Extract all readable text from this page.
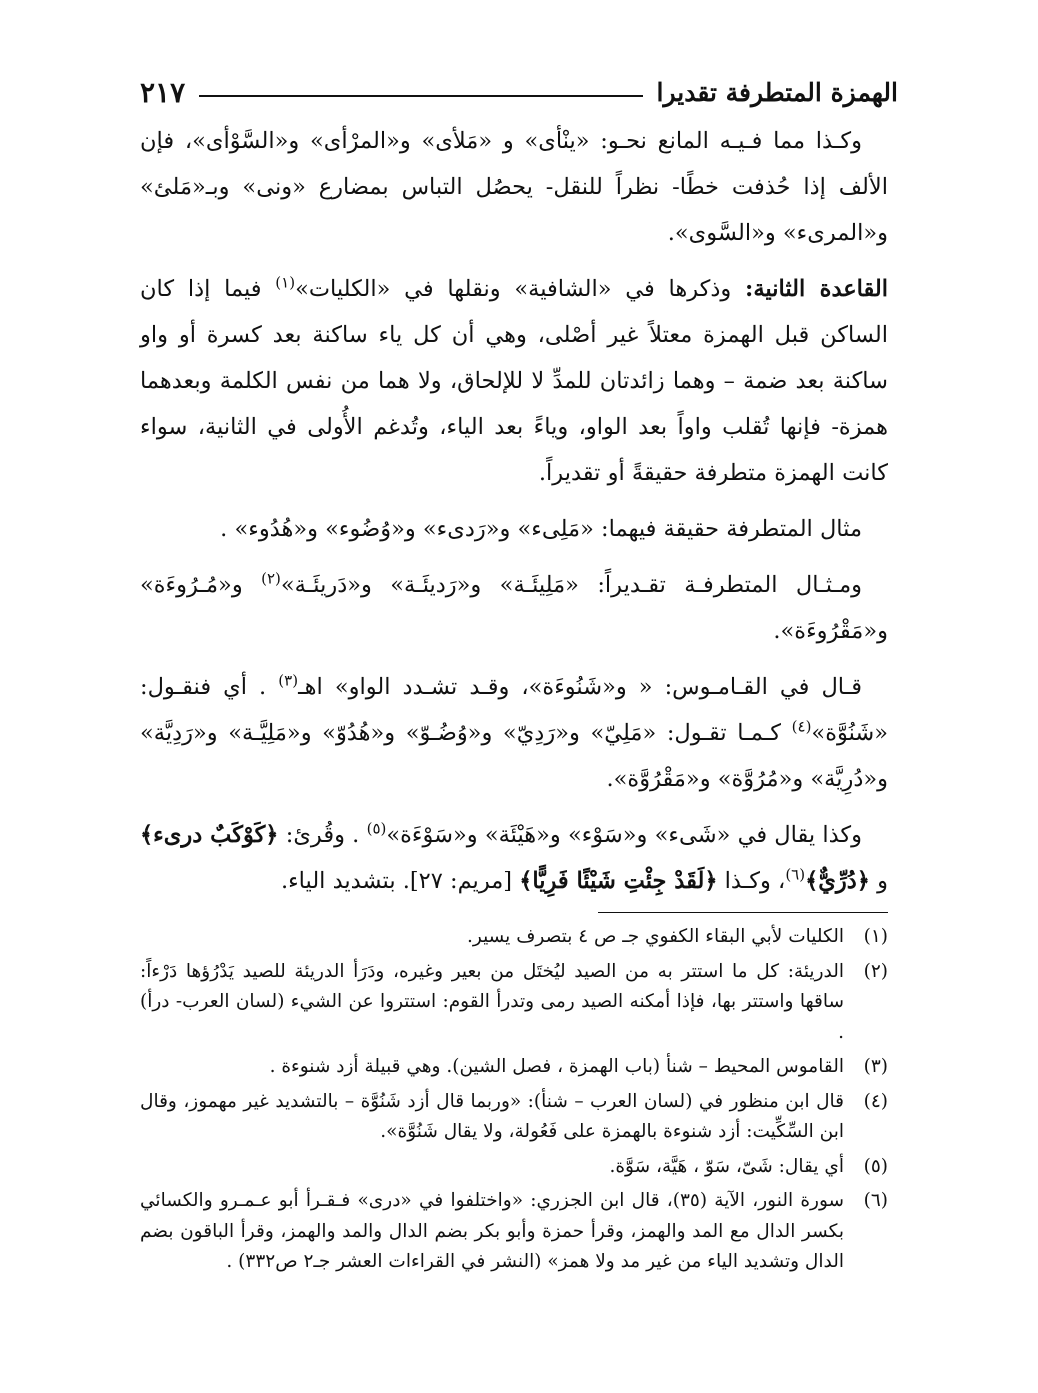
الهمزة المتطرفة تقديرا
٢١٧

وكـذا مما فـيـه المانع نحـو: «ينْأى» و «مَلأى» و«المرْأى» و«السَّوْأى»، فإن الألف إذا حُذفت خطًا- نظراً للنقل- يحصُل التباس بمضارع «ونى» وبـ«مَلئ» و«المرىء» و«السَّوى».

القاعدة الثانية: وذكرها في «الشافية» ونقلها في «الكليات»$^{(١)}$ فيما إذا كان الساكن قبل الهمزة معتلاً غير أصْلى، وهي أن كل ياء ساكنة بعد كسرة أو واو ساكنة بعد ضمة – وهما زائدتان للمدِّ لا للإلحاق، ولا هما من نفس الكلمة وبعدهما همزة- فإنها تُقلب واواً بعد الواو، وياءً بعد الياء، وتُدغم الأُولى في الثانية، سواء كانت الهمزة متطرفة حقيقةً أو تقديراً.

مثال المتطرفة حقيقة فيهما: «مَلِىء» و«رَدىء» و«وُضُوء» و«هُدُوء» .

ومـثـال المتطرفـة تقـديراً: «مَلِيئَـة» و«رَديئَـة» و«دَريئَـة»$^{(٢)}$ و«مُـرُوءَة» و«مَقْرُوءَة».

قـال في القـامـوس: « و«شَنُوءَة»، وقـد تشـدد الواو» اهـ$^{(٣)}$ . أي فنقـول: «شَنُوَّة»$^{(٤)}$ كـمـا تقـول: «مَلِيّ» و«رَدِيّ» و«وُضُـوّ» و«هُدُوّ» و«مَلِيَّـة» و«رَدِيَّة» و«دُرِيَّة» و«مُرُوَّة» و«مَقْرُوَّة».

وكذا يقال في «شَىء» و«سَوْء» و«هَيْئَة» و«سَوْءَة»$^{(٥)}$ . وقُرئ: ﴿كَوْكَبٌ درىء﴾ و ﴿دُرِّيٌّ﴾$^{(٦)}$، وكـذا ﴿لَقَدْ جِئْتِ شَيْئًا فَرِيًّا﴾ [مريم: ٢٧]. بتشديد الياء.

(١)
الكليات لأبي البقاء الكفوي جـ ص ٤ بتصرف يسير.
(٢)
الدريئة: كل ما استتر به من الصيد ليُختَل من بعير وغيره، ودَرَأ الدريئة للصيد يَدْرُؤها دَرْءاً: ساقها واستتر بها، فإذا أمكنه الصيد رمى وتدرأ القوم: استتروا عن الشيء (لسان العرب- درأ) .
(٣)
القاموس المحيط – شنأ (باب الهمزة ، فصل الشين). وهي قبيلة أزد شنوءة .
(٤)
قال ابن منظور في (لسان العرب – شنأ): «وربما قال أزد شَنُوَّة – بالتشديد غير مهموز، وقال ابن السِّكِّيت: أزد شنوءة بالهمزة على فَعُولة، ولا يقال شَنُوَّة».
(٥)
أي يقال: شَىّ، سَوّ ، هَيَّة، سَوَّة.
(٦)
سورة النور، الآية (٣٥)، قال ابن الجزري: «واختلفوا في «درى» فـقـرأ أبو عـمـرو والكسائي بكسر الدال مع المد والهمز، وقرأ حمزة وأبو بكر بضم الدال والمد والهمز، وقرأ الباقون بضم الدال وتشديد الياء من غير مد ولا همز» (النشر في القراءات العشر جـ٢ ص٣٣٢) .
